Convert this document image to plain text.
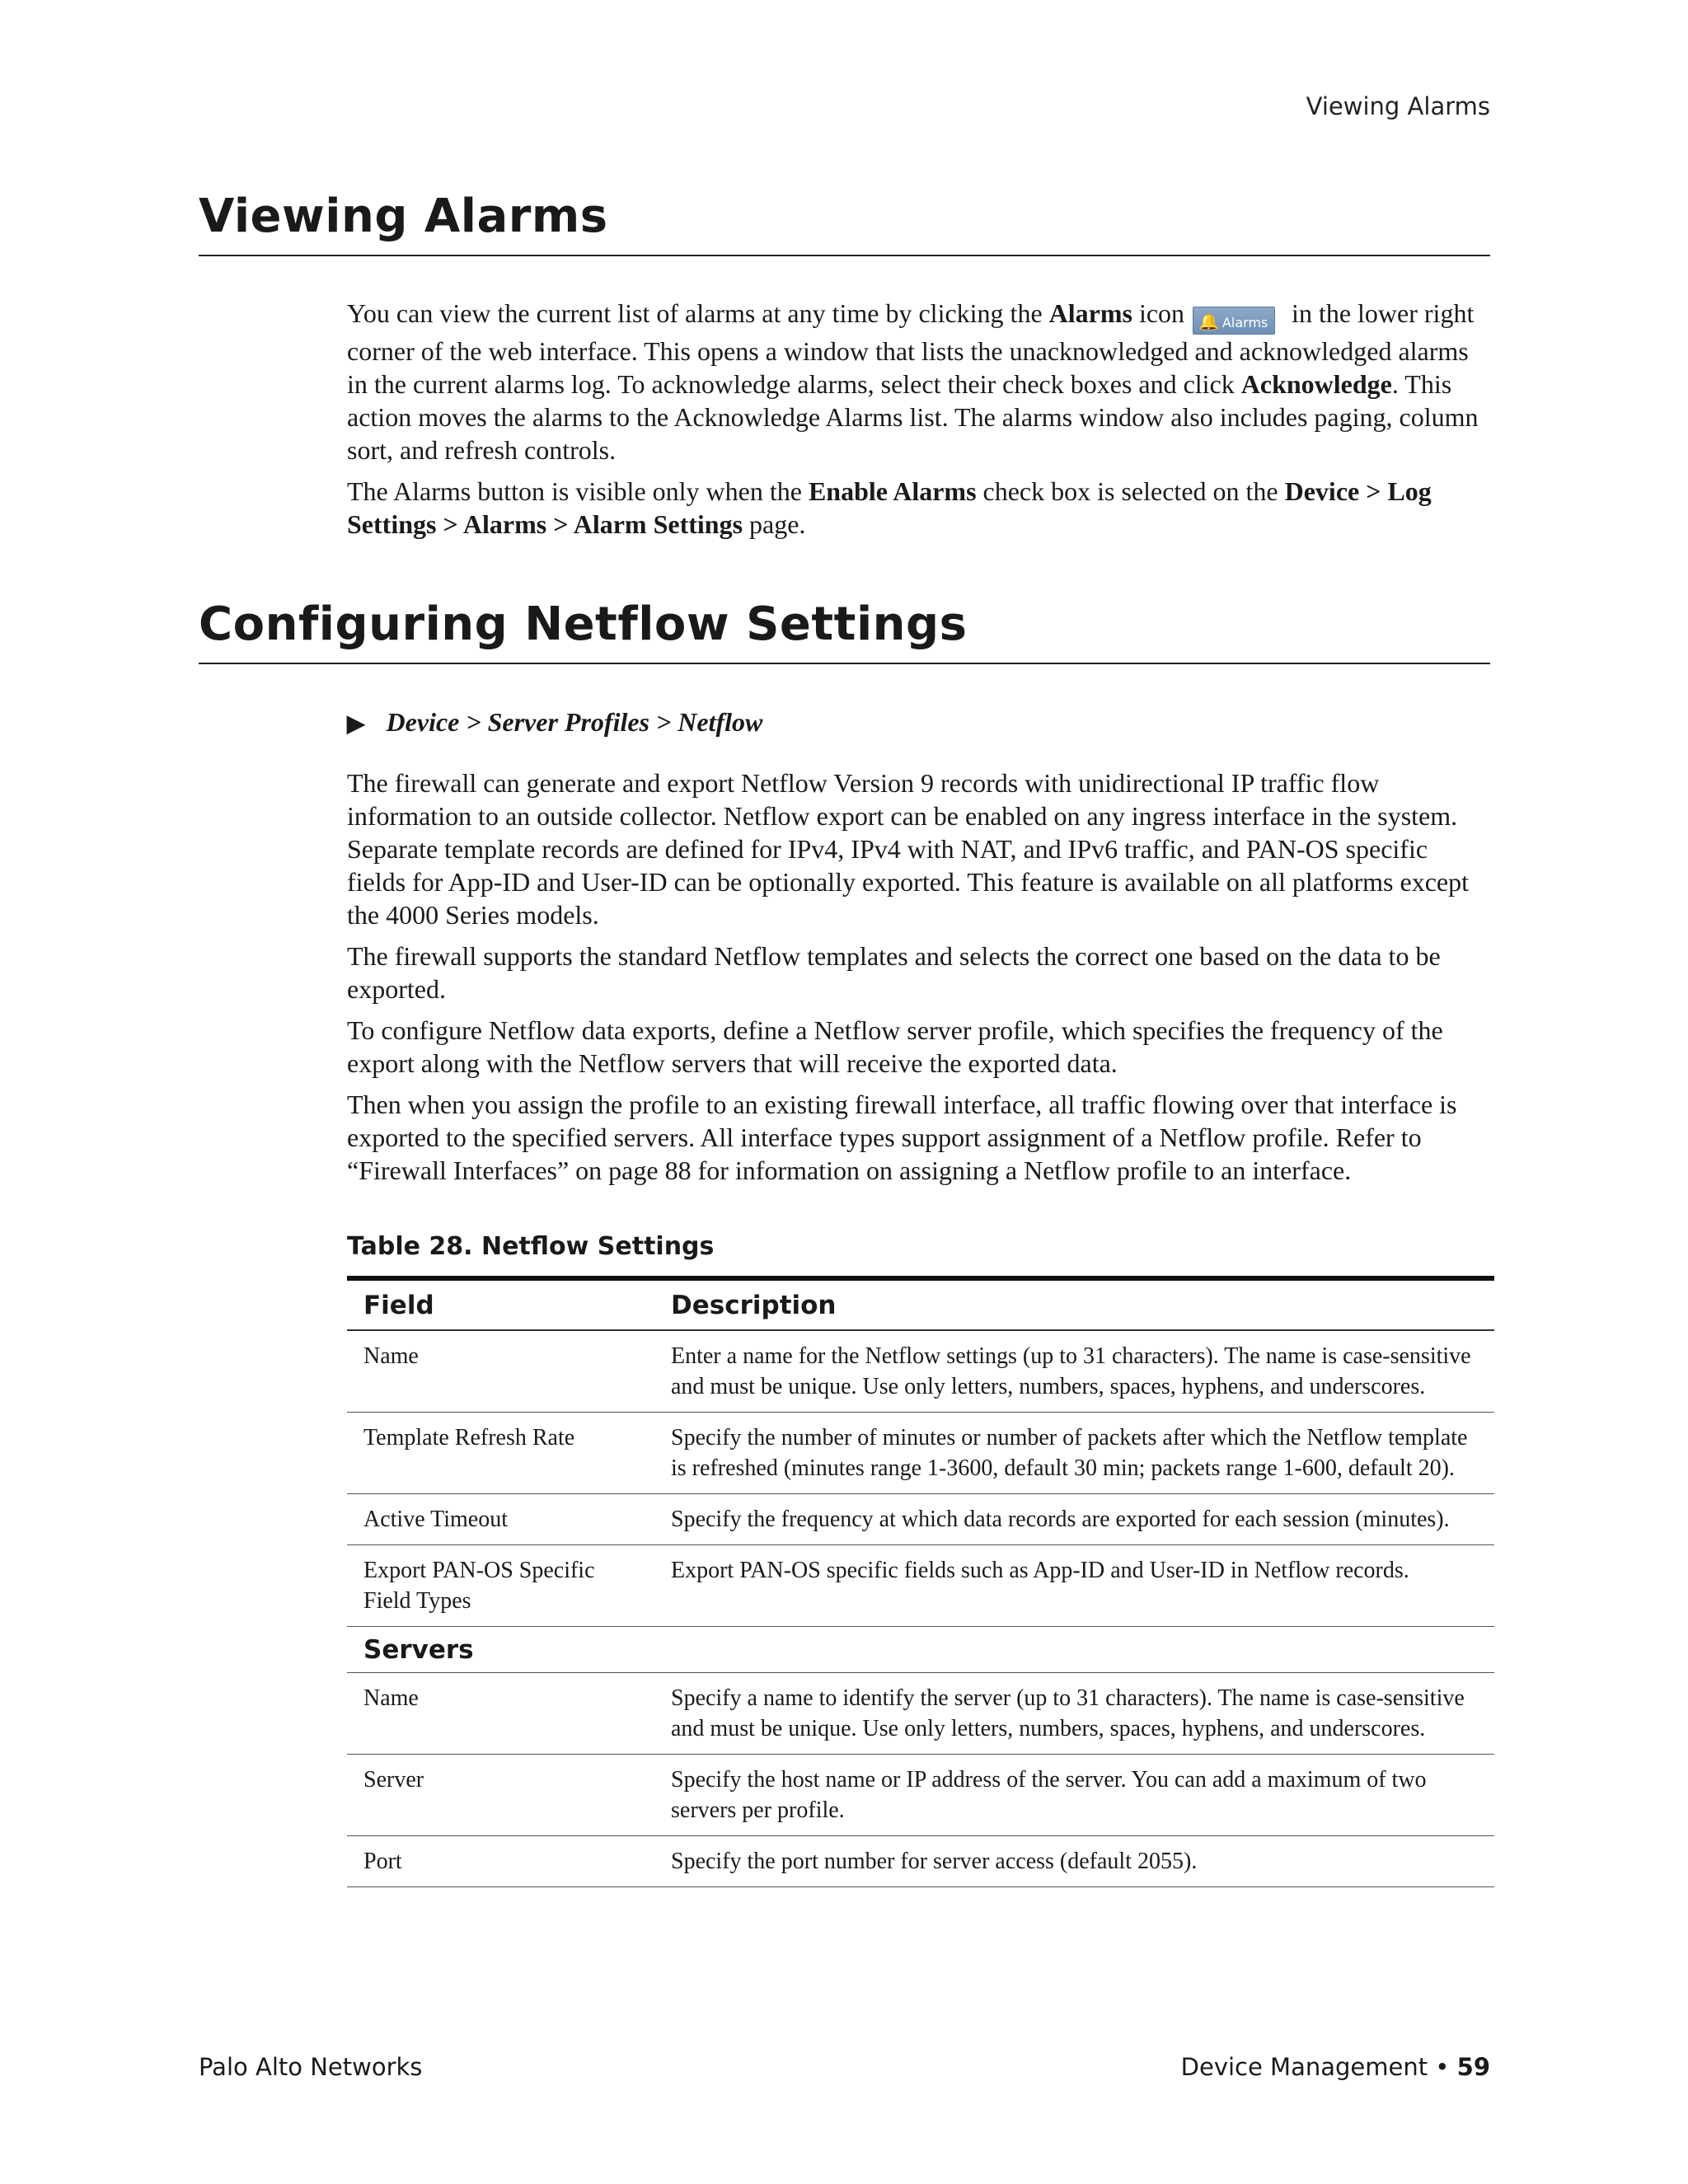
Viewing Alarms
Viewing Alarms

You can view the current list of alarms at any time by clicking the Alarms icon 🔔 Alarms in the lower right corner of the web interface. This opens a window that lists the unacknowledged and acknowledged alarms in the current alarms log. To acknowledge alarms, select their check boxes and click Acknowledge. This action moves the alarms to the Acknowledge Alarms list. The alarms window also includes paging, column sort, and refresh controls.

The Alarms button is visible only when the Enable Alarms check box is selected on the Device > Log Settings > Alarms > Alarm Settings page.

Configuring Netflow Settings
▶ Device > Server Profiles > Netflow

The firewall can generate and export Netflow Version 9 records with unidirectional IP traffic flow information to an outside collector. Netflow export can be enabled on any ingress interface in the system. Separate template records are defined for IPv4, IPv4 with NAT, and IPv6 traffic, and PAN-OS specific fields for App-ID and User-ID can be optionally exported. This feature is available on all platforms except the 4000 Series models.

The firewall supports the standard Netflow templates and selects the correct one based on the data to be exported.

To configure Netflow data exports, define a Netflow server profile, which specifies the frequency of the export along with the Netflow servers that will receive the exported data.

Then when you assign the profile to an existing firewall interface, all traffic flowing over that interface is exported to the specified servers. All interface types support assignment of a Netflow profile. Refer to “Firewall Interfaces” on page 88 for information on assigning a Netflow profile to an interface.

Table 28. Netflow Settings
Field	Description
Name	Enter a name for the Netflow settings (up to 31 characters). The name is case-sensitive and must be unique. Use only letters, numbers, spaces, hyphens, and underscores.
Template Refresh Rate	Specify the number of minutes or number of packets after which the Netflow template is refreshed (minutes range 1-3600, default 30 min; packets range 1-600, default 20).
Active Timeout	Specify the frequency at which data records are exported for each session (minutes).
Export PAN-OS Specific Field Types	Export PAN-OS specific fields such as App-ID and User-ID in Netflow records.
Servers	
Name	Specify a name to identify the server (up to 31 characters). The name is case-sensitive and must be unique. Use only letters, numbers, spaces, hyphens, and underscores.
Server	Specify the host name or IP address of the server. You can add a maximum of two servers per profile.
Port	Specify the port number for server access (default 2055).
Palo Alto Networks	Device Management • 59
